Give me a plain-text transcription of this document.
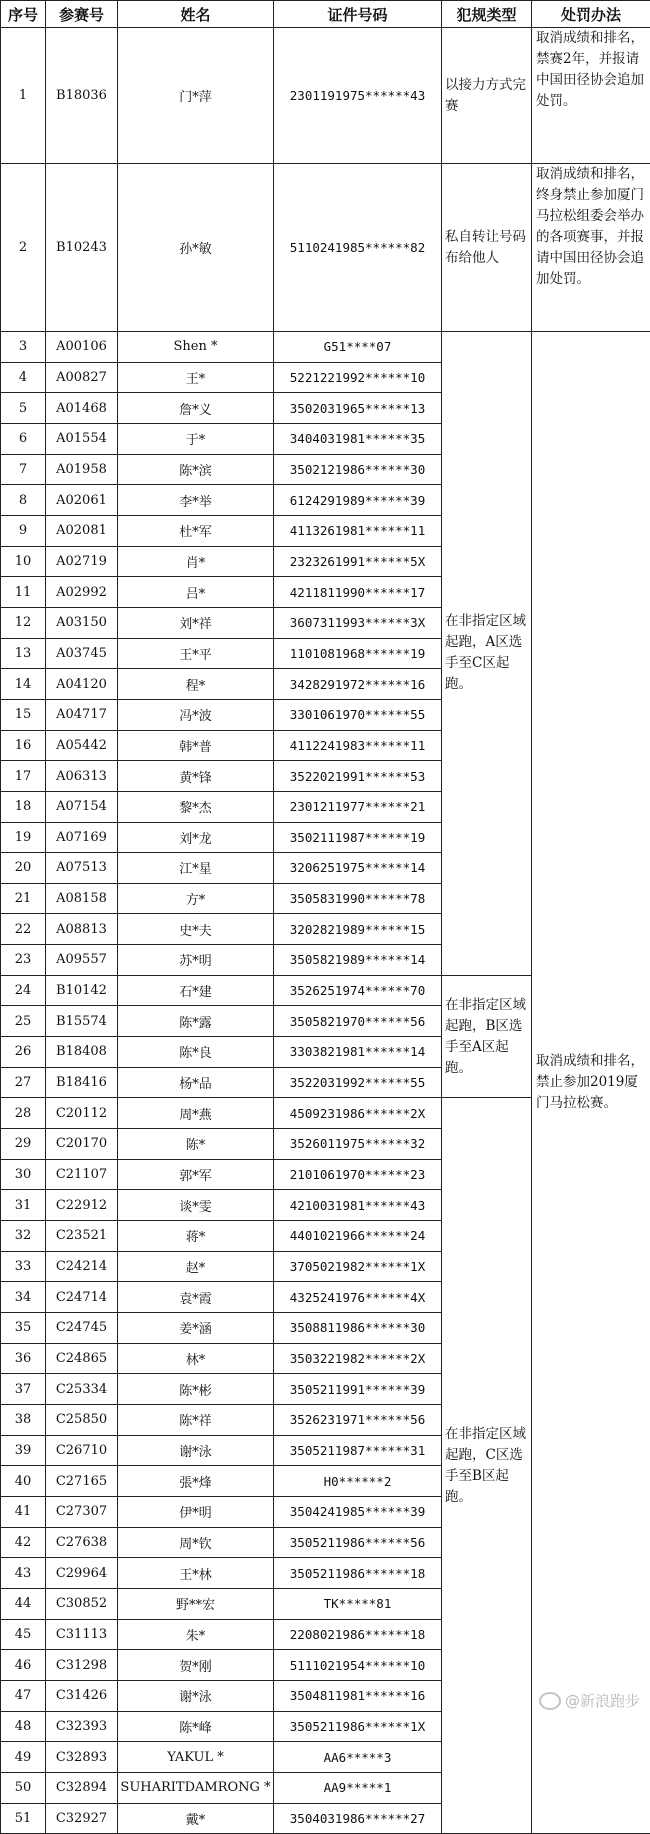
序号	参赛号	姓名	证件号码	犯规类型	处罚办法
1	B18036	门*萍	2301191975******43	以接力方式完赛	取消成绩和排名，禁赛2年，并报请中国田径协会追加处罚。
2	B10243	孙*敏	5110241985******82	私自转让号码布给他人	取消成绩和排名，终身禁止参加厦门马拉松组委会举办的各项赛事，并报请中国田径协会追加处罚。
3	A00106	Shen *	G51****07	在非指定区域起跑，A区选手至C区起跑。	取消成绩和排名，禁止参加2019厦门马拉松赛。
4	A00827	王*	5221221992******10		
5	A01468	詹*义	3502031965******13		
6	A01554	于*	3404031981******35		
7	A01958	陈*滨	3502121986******30		
8	A02061	李*举	6124291989******39		
9	A02081	杜*军	4113261981******11		
10	A02719	肖*	2323261991******5X		
11	A02992	吕*	4211811990******17		
12	A03150	刘*祥	3607311993******3X		
13	A03745	王*平	1101081968******19		
14	A04120	程*	3428291972******16		
15	A04717	冯*波	3301061970******55		
16	A05442	韩*普	4112241983******11		
17	A06313	黄*锋	3522021991******53		
18	A07154	黎*杰	2301211977******21		
19	A07169	刘*龙	3502111987******19		
20	A07513	江*星	3206251975******14		
21	A08158	方*	3505831990******78		
22	A08813	史*夫	3202821989******15		
23	A09557	苏*明	3505821989******14		
24	B10142	石*建	3526251974******70	在非指定区域起跑，B区选手至A区起跑。	
25	B15574	陈*露	3505821970******56		
26	B18408	陈*良	3303821981******14		
27	B18416	杨*品	3522031992******55		
28	C20112	周*燕	4509231986******2X	在非指定区域起跑，C区选手至B区起跑。	
29	C20170	陈*	3526011975******32		
30	C21107	郭*军	2101061970******23		
31	C22912	谈*雯	4210031981******43		
32	C23521	蒋*	4401021966******24		
33	C24214	赵*	3705021982******1X		
34	C24714	袁*霞	4325241976******4X		
35	C24745	姜*涵	3508811986******30		
36	C24865	林*	3503221982******2X		
37	C25334	陈*彬	3505211991******39		
38	C25850	陈*祥	3526231971******56		
39	C26710	谢*泳	3505211987******31		
40	C27165	張*烽	H0******2		
41	C27307	伊*明	3504241985******39		
42	C27638	周*钦	3505211986******56		
43	C29964	王*林	3505211986******18		
44	C30852	野**宏	TK*****81		
45	C31113	朱*	2208021986******18		
46	C31298	贺*刚	5111021954******10		
47	C31426	谢*泳	3504811981******16		
48	C32393	陈*峰	3505211986******1X		
49	C32893	YAKUL *	AA6*****3		
50	C32894	SUHARITDAMRONG *	AA9*****1		
51	C32927	戴*	3504031986******27		
@新浪跑步
